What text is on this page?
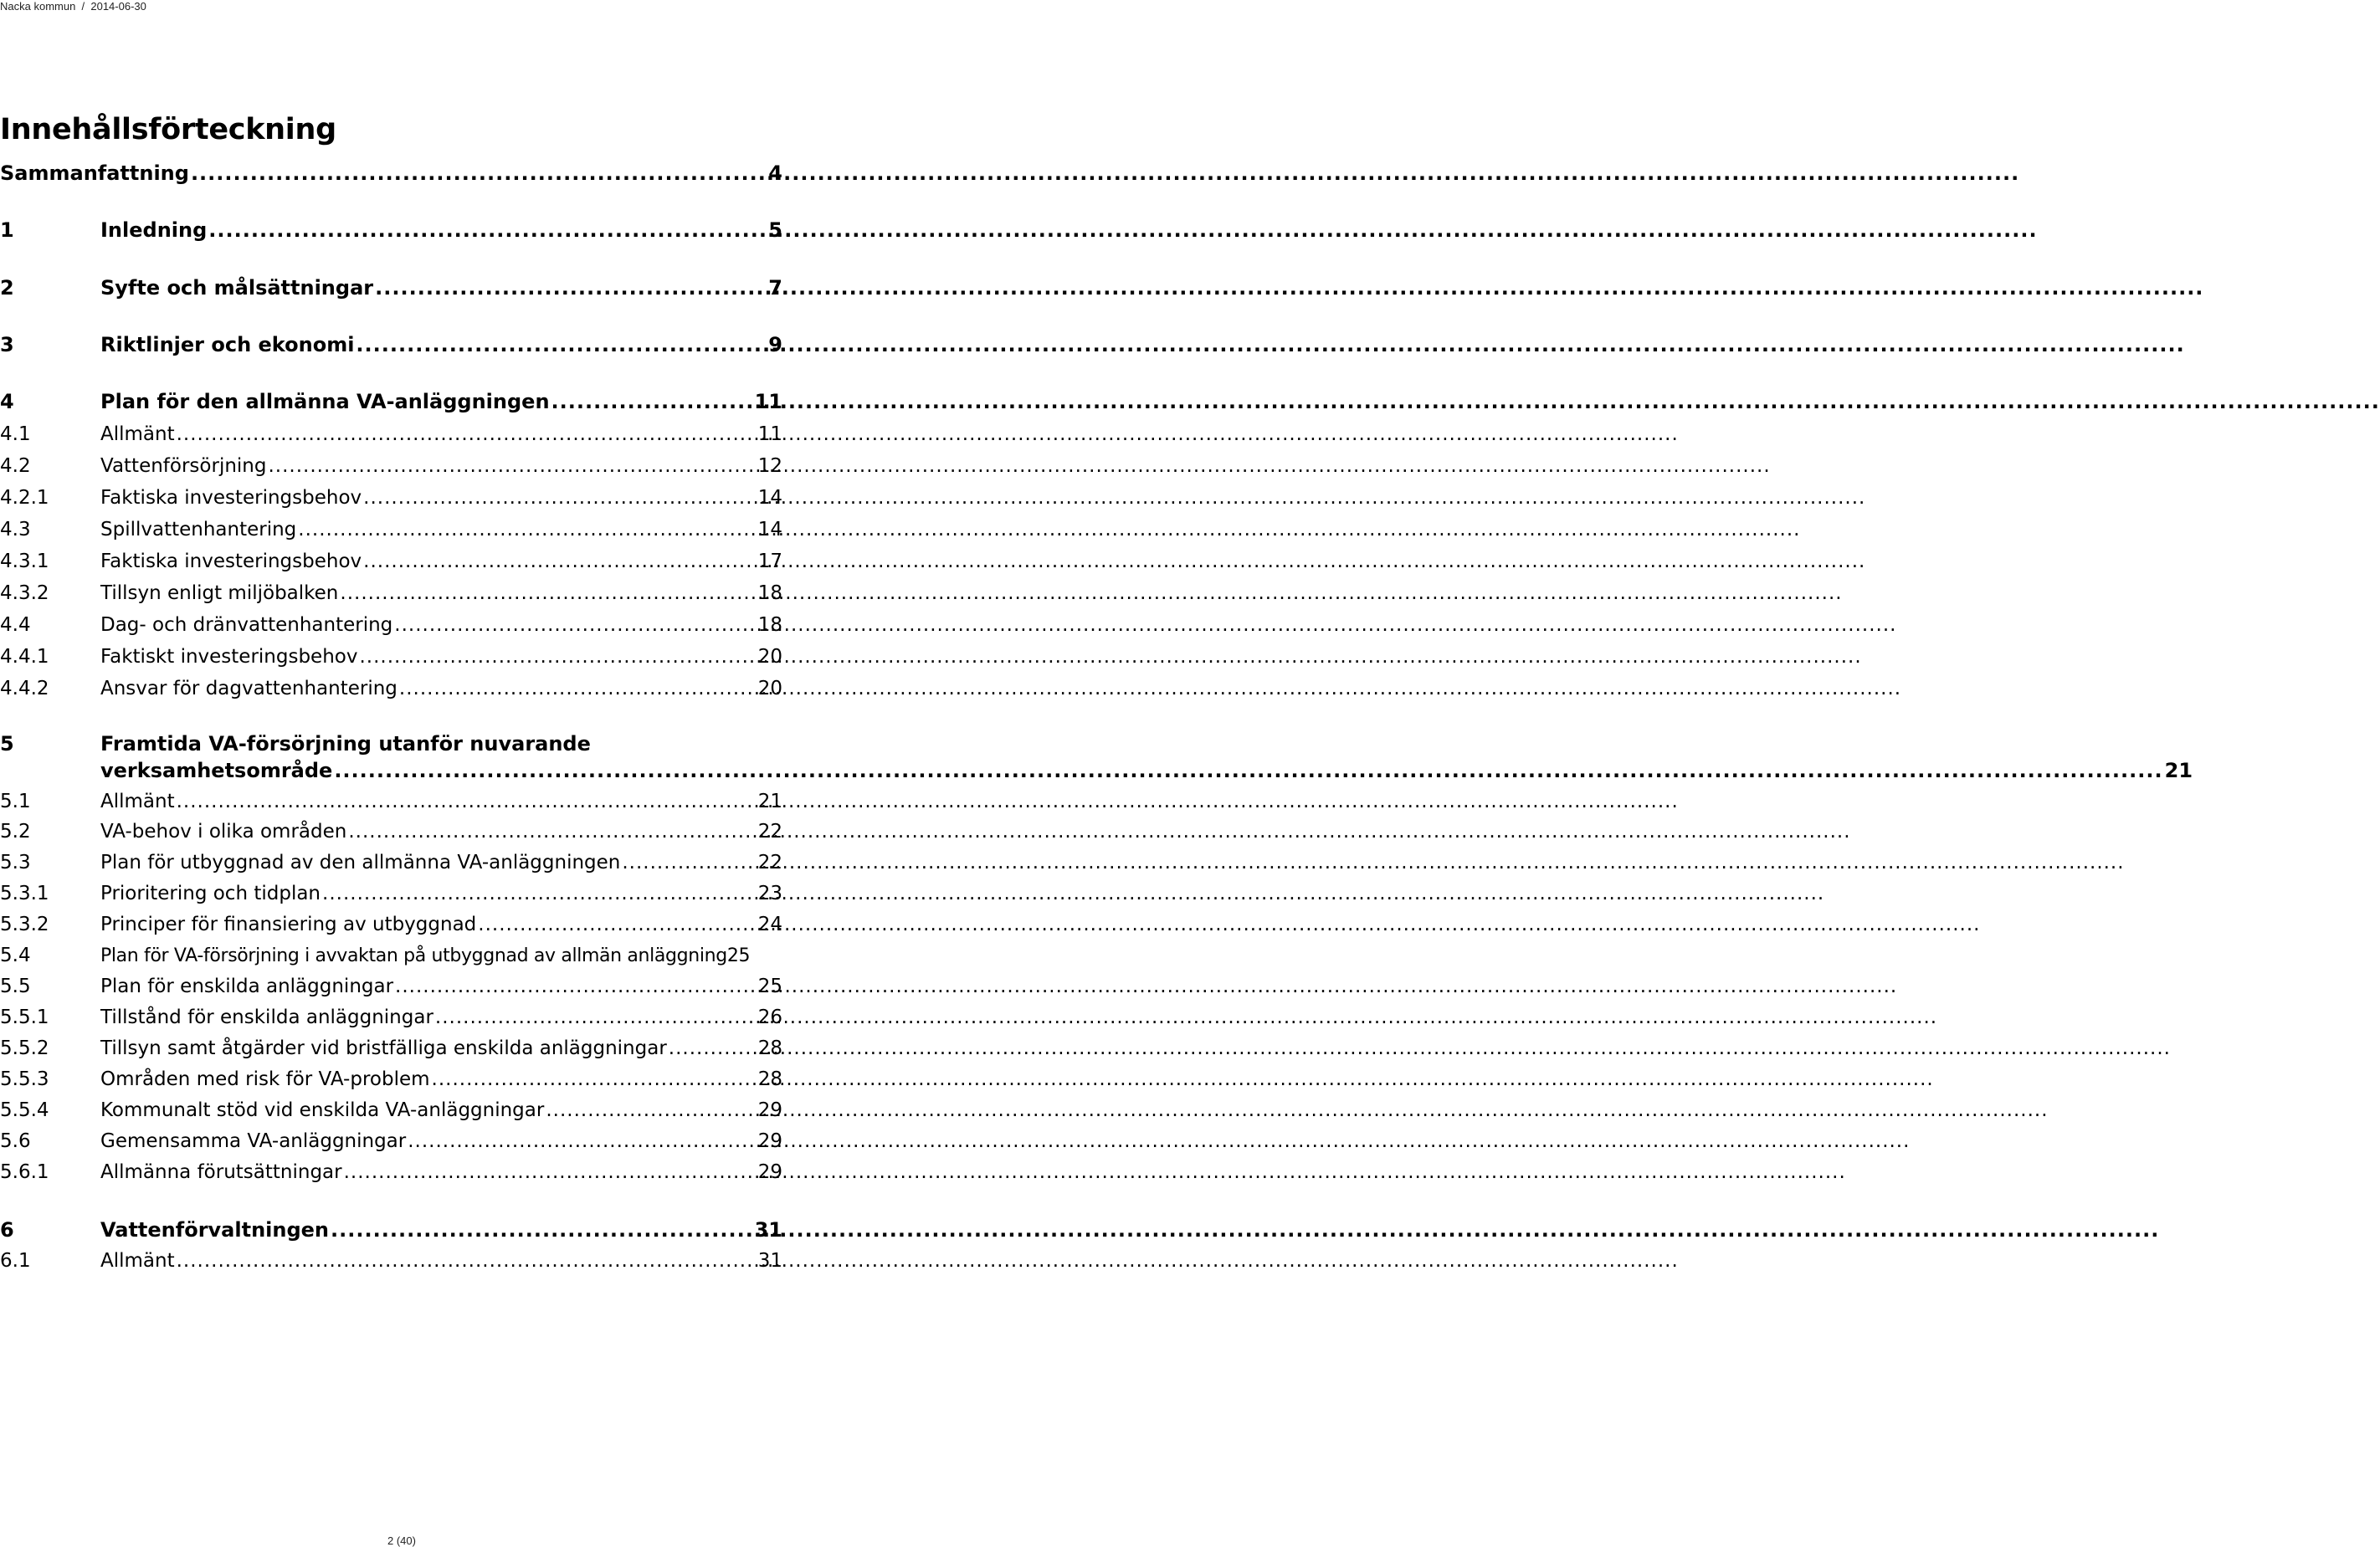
Nacka kommun  /  2014-06-30
Innehållsförteckning
Sammanfattning .....	4
1	Inledning .....	5
2	Syfte och målsättningar .....	7
3	Riktlinjer och ekonomi .....	9
4	Plan för den allmänna VA-anläggningen .....	11
4.1	Allmänt .....	11
4.2	Vattenförsörjning .....	12
4.2.1	Faktiska investeringsbehov .....	14
4.3	Spillvattenhantering .....	14
4.3.1	Faktiska investeringsbehov .....	17
4.3.2	Tillsyn enligt miljöbalken .....	18
4.4	Dag- och dränvattenhantering .....	18
4.4.1	Faktiskt investeringsbehov .....	20
4.4.2	Ansvar för dagvattenhantering .....	20
5	Framtida VA-försörjning utanför nuvarande
verksamhetsområde .....	21
5.1	Allmänt .....	21
5.2	VA-behov i olika områden .....	22
5.3	Plan för utbyggnad av den allmänna VA-anläggningen .....	22
5.3.1	Prioritering och tidplan .....	23
5.3.2	Principer för finansiering av utbyggnad .....	24
5.4	Plan för VA-försörjning i avvaktan på utbyggnad av allmän anläggning 25
5.5	Plan för enskilda anläggningar .....	25
5.5.1	Tillstånd för enskilda anläggningar .....	26
5.5.2	Tillsyn samt åtgärder vid bristfälliga enskilda anläggningar .....	28
5.5.3	Områden med risk för VA-problem .....	28
5.5.4	Kommunalt stöd vid enskilda VA-anläggningar .....	29
5.6	Gemensamma VA-anläggningar .....	29
5.6.1	Allmänna förutsättningar .....	29
6	Vattenförvaltningen .....	31
6.1	Allmänt .....	31
2 (40)
